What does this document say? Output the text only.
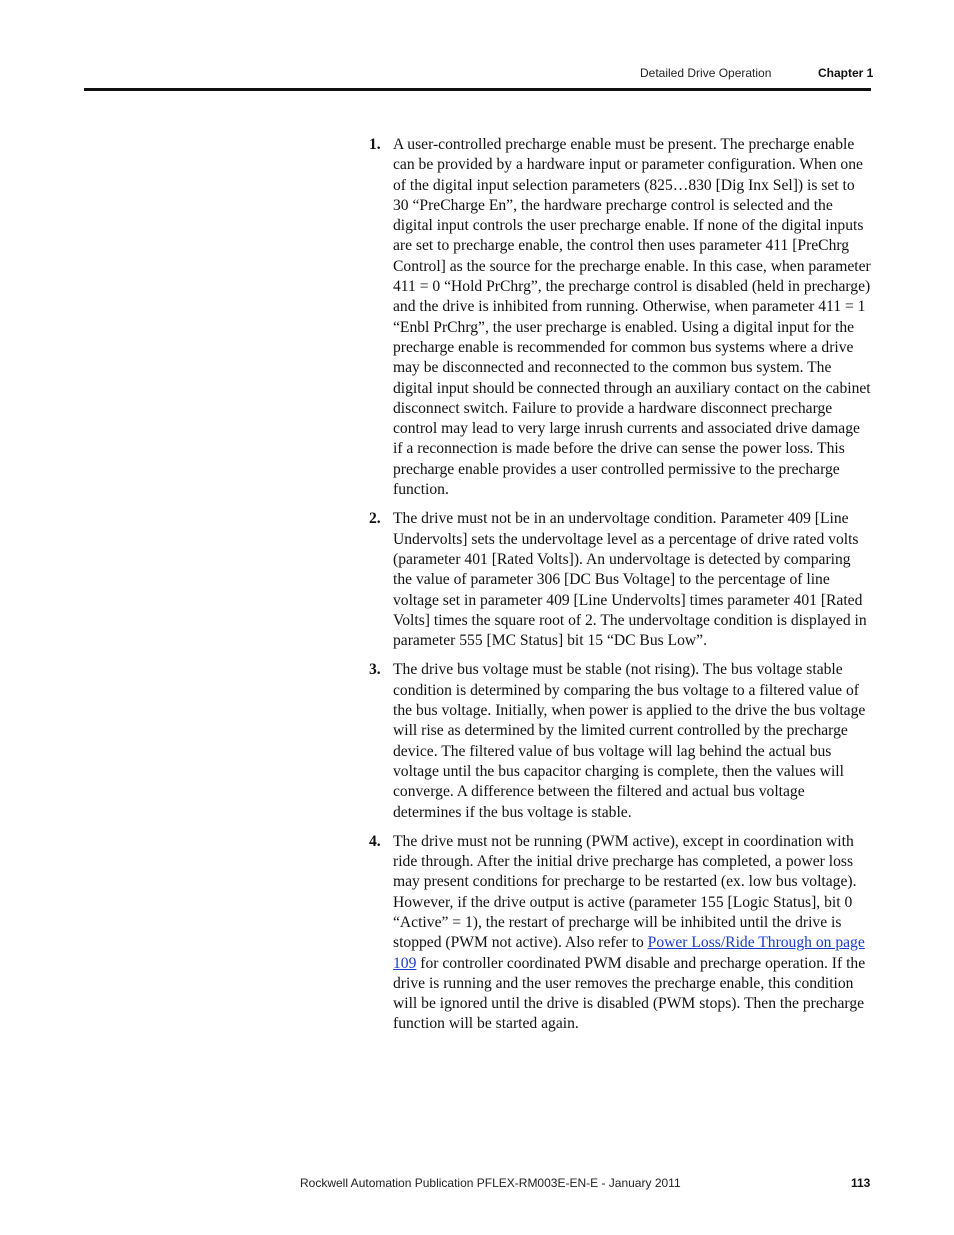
Detailed Drive Operation	Chapter 1
1. A user-controlled precharge enable must be present. The precharge enable can be provided by a hardware input or parameter configuration. When one of the digital input selection parameters (825…830 [Dig Inx Sel]) is set to 30 “PreCharge En”, the hardware precharge control is selected and the digital input controls the user precharge enable. If none of the digital inputs are set to precharge enable, the control then uses parameter 411 [PreChrg Control] as the source for the precharge enable. In this case, when parameter 411 = 0 “Hold PrChrg”, the precharge control is disabled (held in precharge) and the drive is inhibited from running. Otherwise, when parameter 411 = 1 “Enbl PrChrg”, the user precharge is enabled. Using a digital input for the precharge enable is recommended for common bus systems where a drive may be disconnected and reconnected to the common bus system. The digital input should be connected through an auxiliary contact on the cabinet disconnect switch. Failure to provide a hardware disconnect precharge control may lead to very large inrush currents and associated drive damage if a reconnection is made before the drive can sense the power loss. This precharge enable provides a user controlled permissive to the precharge function.
2. The drive must not be in an undervoltage condition. Parameter 409 [Line Undervolts] sets the undervoltage level as a percentage of drive rated volts (parameter 401 [Rated Volts]). An undervoltage is detected by comparing the value of parameter 306 [DC Bus Voltage] to the percentage of line voltage set in parameter 409 [Line Undervolts] times parameter 401 [Rated Volts] times the square root of 2. The undervoltage condition is displayed in parameter 555 [MC Status] bit 15 “DC Bus Low”.
3. The drive bus voltage must be stable (not rising). The bus voltage stable condition is determined by comparing the bus voltage to a filtered value of the bus voltage. Initially, when power is applied to the drive the bus voltage will rise as determined by the limited current controlled by the precharge device. The filtered value of bus voltage will lag behind the actual bus voltage until the bus capacitor charging is complete, then the values will converge. A difference between the filtered and actual bus voltage determines if the bus voltage is stable.
4. The drive must not be running (PWM active), except in coordination with ride through. After the initial drive precharge has completed, a power loss may present conditions for precharge to be restarted (ex. low bus voltage). However, if the drive output is active (parameter 155 [Logic Status], bit 0 “Active” = 1), the restart of precharge will be inhibited until the drive is stopped (PWM not active). Also refer to Power Loss/Ride Through on page 109 for controller coordinated PWM disable and precharge operation. If the drive is running and the user removes the precharge enable, this condition will be ignored until the drive is disabled (PWM stops). Then the precharge function will be started again.
Rockwell Automation Publication PFLEX-RM003E-EN-E - January 2011	113
